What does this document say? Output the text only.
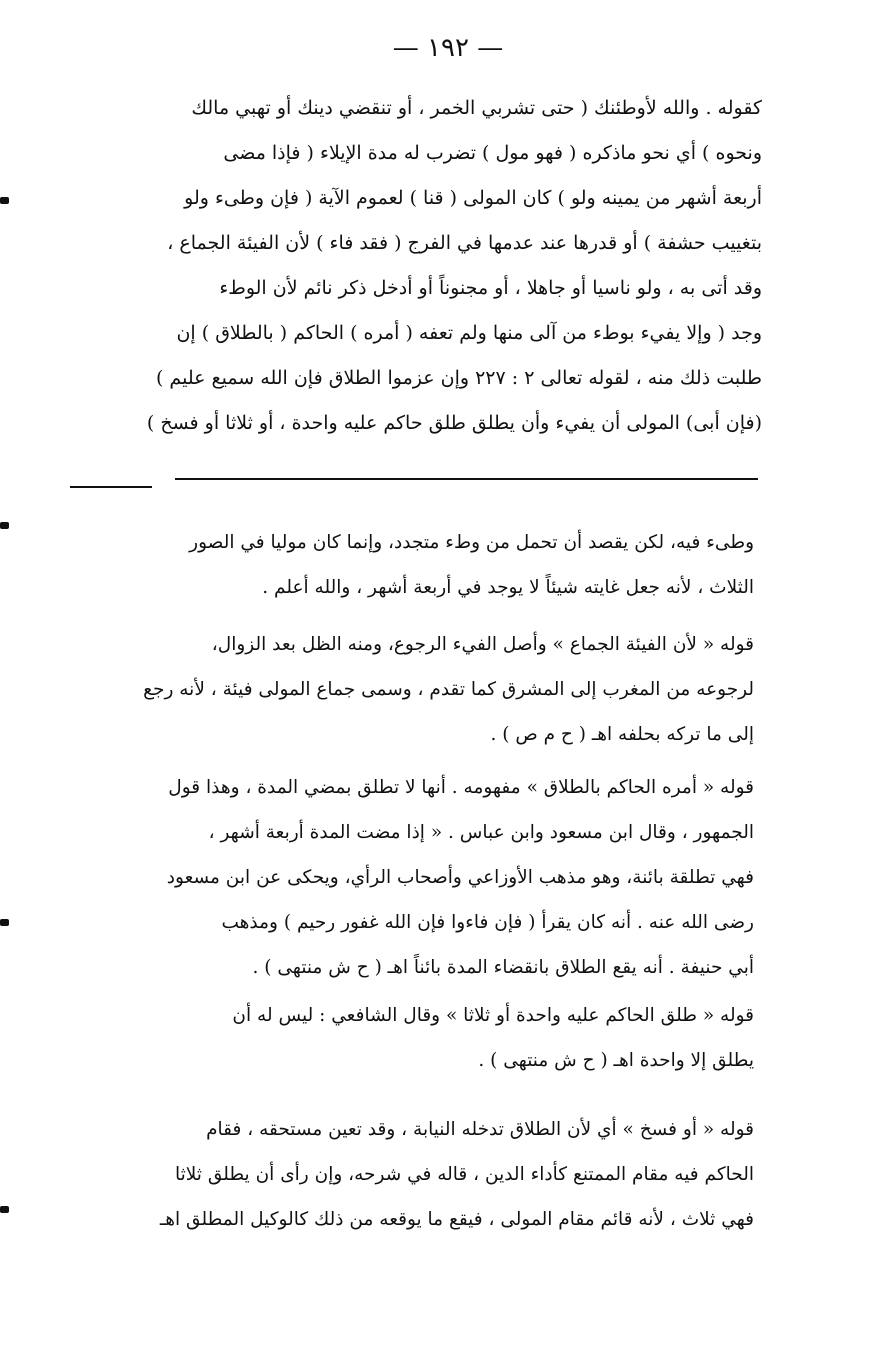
— ١٩٢ —
كقوله . والله لأوطئنك ( حتى تشربي الخمر ، أو تنقضي دينك أو تهبي مالك
ونحوه ) أي نحو ماذكره ( فهو مول ) تضرب له مدة الإيلاء ( فإذا مضى
أربعة أشهر من يمينه ولو ) كان المولى ( قنا ) لعموم الآية ( فإن وطىء ولو
بتغييب حشفة ) أو قدرها عند عدمها في الفرج ( فقد فاء ) لأن الفيئة الجماع ،
وقد أتى به ، ولو ناسيا أو جاهلا ، أو مجنوناً أو أدخل ذكر نائم لأن الوطء
وجد ( وإلا يفيء بوطء من آلى منها ولم تعفه ( أمره ) الحاكم ( بالطلاق ) إن
طلبت ذلك منه ، لقوله تعالى ٢ : ٢٢٧ وإن عزموا الطلاق فإن الله سميع عليم )
(فإن أبى) المولى أن يفيء وأن يطلق طلق حاكم عليه واحدة ، أو ثلاثا أو فسخ )
وطىء فيه، لكن يقصد أن تحمل من وطء متجدد، وإنما كان موليا في الصور
الثلاث ، لأنه جعل غايته شيئاً لا يوجد في أربعة أشهر ، والله أعلم .
قوله « لأن الفيئة الجماع » وأصل الفيء الرجوع، ومنه الظل بعد الزوال،
لرجوعه من المغرب إلى المشرق كما تقدم ، وسمى جماع المولى فيئة ، لأنه رجع
إلى ما تركه بحلفه اهـ ( ح م ص ) .
قوله « أمره الحاكم بالطلاق » مفهومه . أنها لا تطلق بمضي المدة ، وهذا قول
الجمهور ، وقال ابن مسعود وابن عباس . « إذا مضت المدة أربعة أشهر ،
فهي تطلقة بائنة، وهو مذهب الأوزاعي وأصحاب الرأي، ويحكى عن ابن مسعود
رضى الله عنه . أنه كان يقرأ ( فإن فاءوا فإن الله غفور رحيم ) ومذهب
أبي حنيفة . أنه يقع الطلاق بانقضاء المدة بائناً اهـ ( ح ش منتهى ) .
قوله « طلق الحاكم عليه واحدة أو ثلاثا » وقال الشافعي : ليس له أن
يطلق إلا واحدة اهـ ( ح ش منتهى ) .
قوله « أو فسخ » أي لأن الطلاق تدخله النيابة ، وقد تعين مستحقه ، فقام
الحاكم فيه مقام الممتنع كأداء الدين ، قاله في شرحه، وإن رأى أن يطلق ثلاثا
فهي ثلاث ، لأنه قائم مقام المولى ، فيقع ما يوقعه من ذلك كالوكيل المطلق اهـ
